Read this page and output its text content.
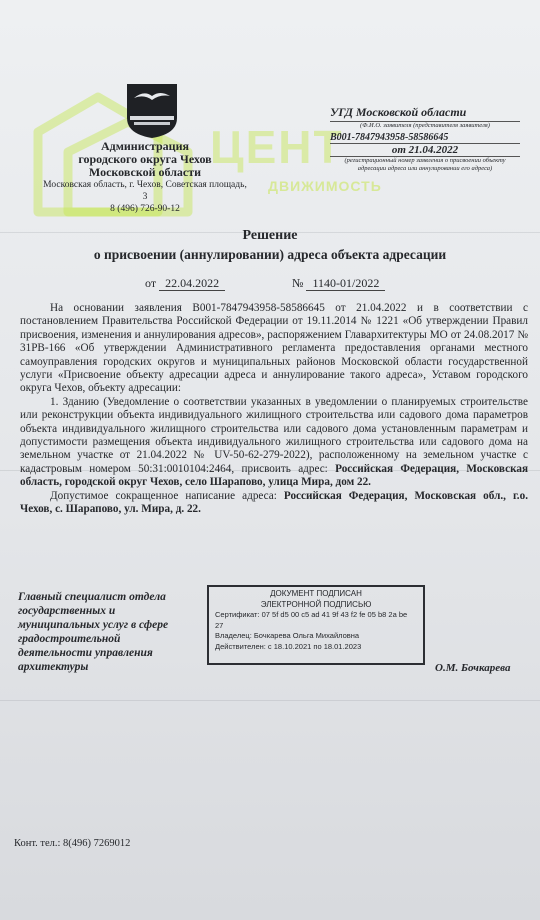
ЦЕНТ
ДВИЖИМОСТЬ
Администрация
городского округа Чехов
Московской области
Московская область, г. Чехов, Советская площадь, 3
8 (496) 726-90-12
УГД Московской области
(Ф.И.О. заявителя (представителя заявителя)
B001-7847943958-58586645
от 21.04.2022
(регистрационный номер заявления о присвоении объекту адресации адреса или аннулировании его адреса)
Решение
о присвоении (аннулировании) адреса объекта адресации
от 22.04.2022	№ 1140-01/2022

На основании заявления B001-7847943958-58586645 от 21.04.2022 и в соответствии с постановлением Правительства Российской Федерации от 19.11.2014 № 1221 «Об утверждении Правил присвоения, изменения и аннулирования адресов», распоряжением Главархитектуры МО от 24.08.2017 № 31РВ-166 «Об утверждении Административного регламента предоставления органами местного самоуправления городских округов и муниципальных районов Московской области государственной услуги «Присвоение объекту адресации адреса и аннулирование такого адреса», Уставом городского округа Чехов, объекту адресации:

1. Зданию (Уведомление о соответствии указанных в уведомлении о планируемых строительстве или реконструкции объекта индивидуального жилищного строительства или садового дома параметров объекта индивидуального жилищного строительства или садового дома установленным параметрам и допустимости размещения объекта индивидуального жилищного строительства или садового дома на земельном участке от 21.04.2022 № UV-50-62-279-2022), расположенному на земельном участке с кадастровым номером 50:31:0010104:2464, присвоить адрес: Российская Федерация, Московская область, городской округ Чехов, село Шарапово, улица Мира, дом 22.

Допустимое сокращенное написание адреса: Российская Федерация, Московская обл., г.о. Чехов, с. Шарапово, ул. Мира, д. 22.

Главный специалист отдела государственных и муниципальных услуг в сфере градостроительной деятельности управления архитектуры
ДОКУМЕНТ ПОДПИСАН
ЭЛЕКТРОННОЙ ПОДПИСЬЮ
Сертификат: 07 5f d5 00 c5 ad 41 9f 43 f2 fe 05 b8 2a be 27
Владелец: Бочкарева Ольга Михайловна
Действителен: с 18.10.2021 по 18.01.2023
О.М. Бочкарева
Конт. тел.: 8(496) 7269012
